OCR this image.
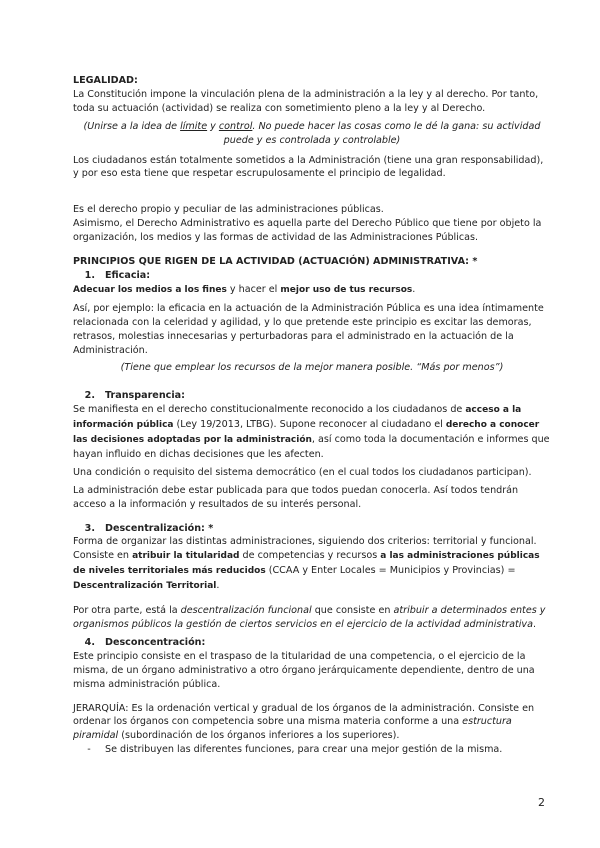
LEGALIDAD:

La Constitución impone la vinculación plena de la administración a la ley y al derecho. Por tanto, toda su actuación (actividad) se realiza con sometimiento pleno a la ley y al Derecho.

(Unirse a la idea de límite y control. No puede hacer las cosas como le dé la gana: su actividad puede y es controlada y controlable)

Los ciudadanos están totalmente sometidos a la Administración (tiene una gran responsabilidad), y por eso esta tiene que respetar escrupulosamente el principio de legalidad.

Es el derecho propio y peculiar de las administraciones públicas.

Asimismo, el Derecho Administrativo es aquella parte del Derecho Público que tiene por objeto la organización, los medios y las formas de actividad de las Administraciones Públicas.

PRINCIPIOS QUE RIGEN DE LA ACTIVIDAD (ACTUACIÓN) ADMINISTRATIVA: *

1.	Eficacia:

Adecuar los medios a los fines y hacer el mejor uso de tus recursos.

Así, por ejemplo: la eficacia en la actuación de la Administración Pública es una idea íntimamente relacionada con la celeridad y agilidad, y lo que pretende este principio es excitar las demoras, retrasos, molestias innecesarias y perturbadoras para el administrado en la actuación de la Administración.

(Tiene que emplear los recursos de la mejor manera posible. “Más por menos”)

2.	Transparencia:

Se manifiesta en el derecho constitucionalmente reconocido a los ciudadanos de acceso a la información pública (Ley 19/2013, LTBG). Supone reconocer al ciudadano el derecho a conocer las decisiones adoptadas por la administración, así como toda la documentación e informes que hayan influido en dichas decisiones que les afecten.

Una condición o requisito del sistema democrático (en el cual todos los ciudadanos participan).

La administración debe estar publicada para que todos puedan conocerla. Así todos tendrán acceso a la información y resultados de su interés personal.

3.	Descentralización: *

Forma de organizar las distintas administraciones, siguiendo dos criterios: territorial y funcional. Consiste en atribuir la titularidad de competencias y recursos a las administraciones públicas de niveles territoriales más reducidos (CCAA y Enter Locales = Municipios y Provincias) = Descentralización Territorial.

Por otra parte, está la descentralización funcional que consiste en atribuir a determinados entes y organismos públicos la gestión de ciertos servicios en el ejercicio de la actividad administrativa.

4.	Desconcentración:

Este principio consiste en el traspaso de la titularidad de una competencia, o el ejercicio de la misma, de un órgano administrativo a otro órgano jerárquicamente dependiente, dentro de una misma administración pública.

JERARQUÍA: Es la ordenación vertical y gradual de los órganos de la administración. Consiste en ordenar los órganos con competencia sobre una misma materia conforme a una estructura piramidal (subordinación de los órganos inferiores a los superiores).

-	Se distribuyen las diferentes funciones, para crear una mejor gestión de la misma.
2
